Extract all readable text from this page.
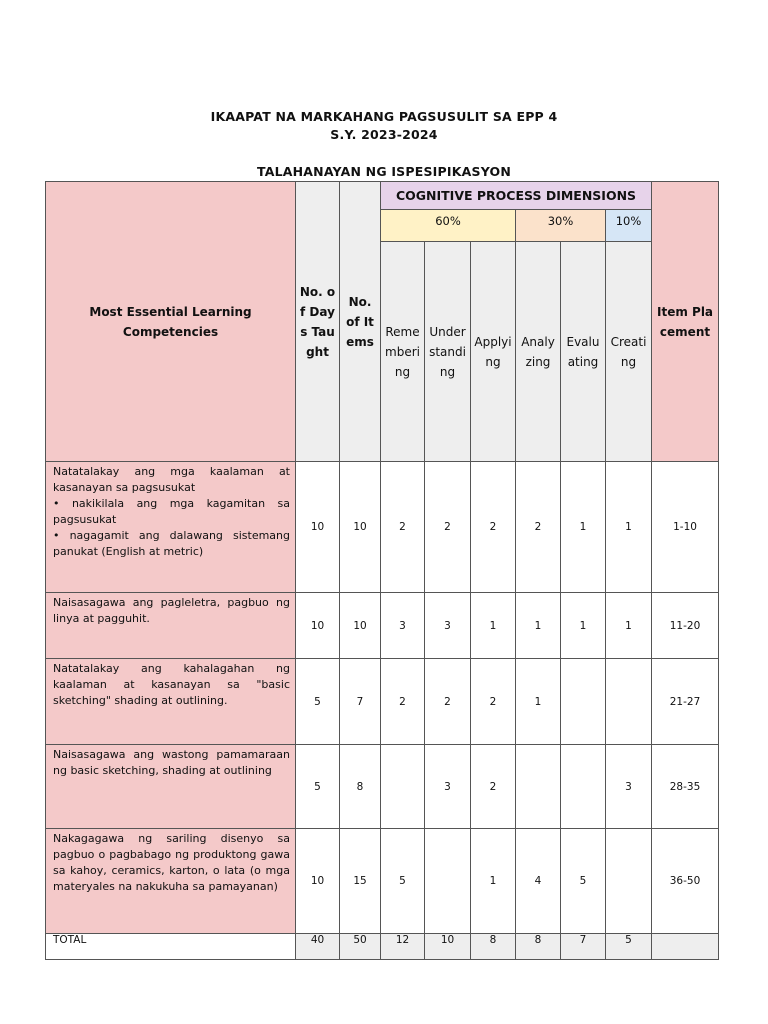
IKAAPAT NA MARKAHANG PAGSUSULIT SA EPP 4
S.Y. 2023-2024
TALAHANAYAN NG ISPESIPIKASYON
Most Essential Learning Competencies	No. of Days Taught	No. of Items	COGNITIVE PROCESS DIMENSIONS						Item Placement
			60%			30%		10%	
			Remembering	Understanding	Applying	Analyzing	Evaluating	Creating	
Natatalakay ang mga kaalaman at kasanayan sa pagsusukat
• nakikilala ang mga kagamitan sa pagsusukat
• nagagamit ang dalawang sistemang panukat (English at metric)	10	10	2	2	2	2	1	1	1-10
Naisasagawa ang pagleletra, pagbuo ng linya at pagguhit.	10	10	3	3	1	1	1	1	11-20
Natatalakay ang kahalagahan ng kaalaman at kasanayan sa "basic sketching" shading at outlining.	5	7	2	2	2	1			21-27
Naisasagawa ang wastong pamamaraan ng basic sketching, shading at outlining	5	8		3	2			3	28-35
Nakagagawa ng sariling disenyo sa pagbuo o pagbabago ng produktong gawa sa kahoy, ceramics, karton, o lata (o mga materyales na nakukuha sa pamayanan)	10	15	5		1	4	5		36-50
TOTAL	40	50	12	10	8	8	7	5	
